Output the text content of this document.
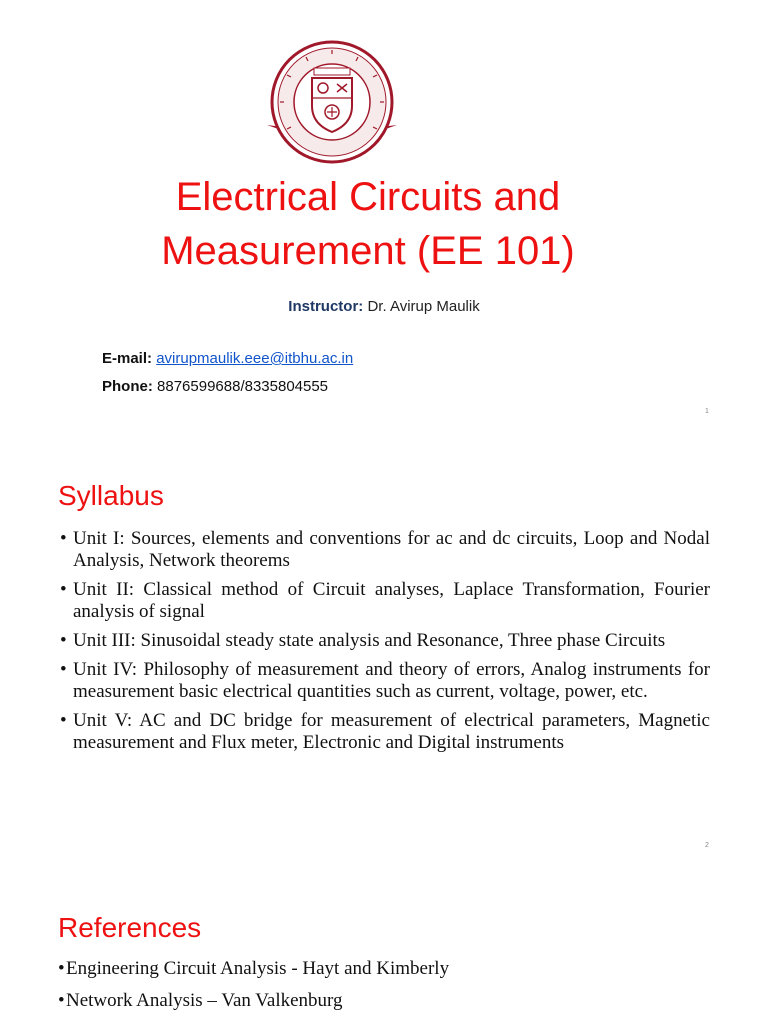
Electrical Circuits and
Measurement (EE 101)
Instructor: Dr. Avirup Maulik
E-mail: avirupmaulik.eee@itbhu.ac.in
Phone: 8876599688/8335804555
1
Syllabus
• Unit I: Sources, elements and conventions for ac and dc circuits, Loop and Nodal Analysis, Network theorems
• Unit II: Classical method of Circuit analyses, Laplace Transformation, Fourier analysis of signal
• Unit III: Sinusoidal steady state analysis and Resonance, Three phase Circuits
• Unit IV: Philosophy of measurement and theory of errors, Analog instruments for measurement basic electrical quantities such as current, voltage, power, etc.
• Unit V: AC and DC bridge for measurement of electrical parameters, Magnetic measurement and Flux meter, Electronic and Digital instruments
2
References
• Engineering Circuit Analysis - Hayt and Kimberly
• Network Analysis – Van Valkenburg
